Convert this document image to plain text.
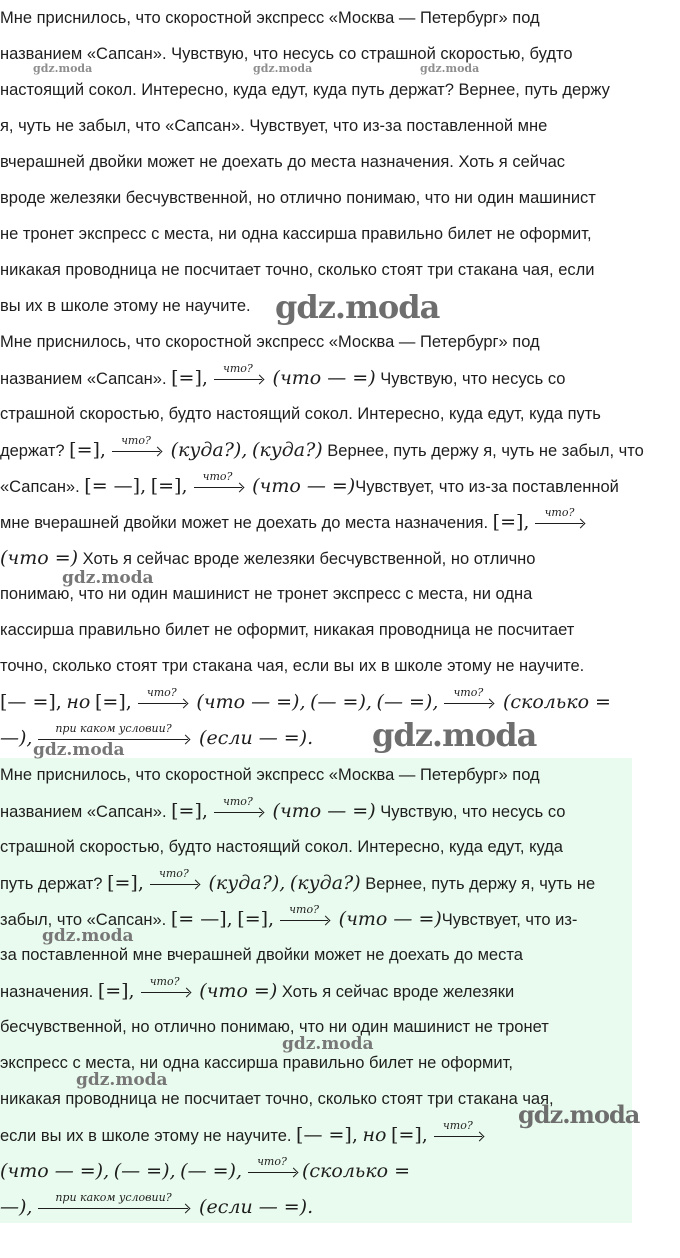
Мне приснилось, что скоростной экспресс «Москва — Петербург» под
названием «Сапсан». Чувствую, что несусь со страшной скоростью, будто
настоящий сокол. Интересно, куда едут, куда путь держат? Вернее, путь держу
я, чуть не забыл, что «Сапсан». Чувствует, что из-за поставленной мне
вчерашней двойки может не доехать до места назначения. Хоть я сейчас
вроде железяки бесчувственной, но отлично понимаю, что ни один машинист
не тронет экспресс с места, ни одна кассирша правильно билет не оформит,
никакая проводница не посчитает точно, сколько стоят три стакана чая, если
вы их в школе этому не научите.
Мне приснилось, что скоростной экспресс «Москва — Петербург» под
названием «Сапсан». [=],	что?	(что — =) Чувствую, что несусь со
страшной скоростью, будто настоящий сокол. Интересно, куда едут, куда путь
держат? [=],	что?	(куда?), (куда?) Вернее, путь держу я, чуть не забыл, что
«Сапсан». [= —], [=],	что?	(что — =)Чувствует, что из-за поставленной
мне вчерашней двойки может не доехать до места назначения. [=],	что?
(что =) Хоть я сейчас вроде железяки бесчувственной, но отлично
понимаю, что ни один машинист не тронет экспресс с места, ни одна
кассирша правильно билет не оформит, никакая проводница не посчитает
точно, сколько стоят три стакана чая, если вы их в школе этому не научите.
[— =], но [=],	что?	(что — =), (— =), (— =),	что?	(сколько =
—),	при каком условии?	(если — =).
Мне приснилось, что скоростной экспресс «Москва — Петербург» под
названием «Сапсан». [=],	что?	(что — =) Чувствую, что несусь со
страшной скоростью, будто настоящий сокол. Интересно, куда едут, куда
путь держат? [=],	что?	(куда?), (куда?) Вернее, путь держу я, чуть не
забыл, что «Сапсан». [= —], [=],	что?	(что — =)Чувствует, что из-
за поставленной мне вчерашней двойки может не доехать до места
назначения. [=],	что?	(что =) Хоть я сейчас вроде железяки
бесчувственной, но отлично понимаю, что ни один машинист не тронет
экспресс с места, ни одна кассирша правильно билет не оформит,
никакая проводница не посчитает точно, сколько стоят три стакана чая,
если вы их в школе этому не научите. [— =], но [=],	что?
(что — =), (— =), (— =),	что? (сколько =
—),	при каком условии?	(если — =).
gdz.moda	gdz.moda	gdz.moda
gdz.moda
gdz.moda
gdz.moda	gdz.moda
gdz.moda
gdz.moda
gdz.moda
gdz.moda
